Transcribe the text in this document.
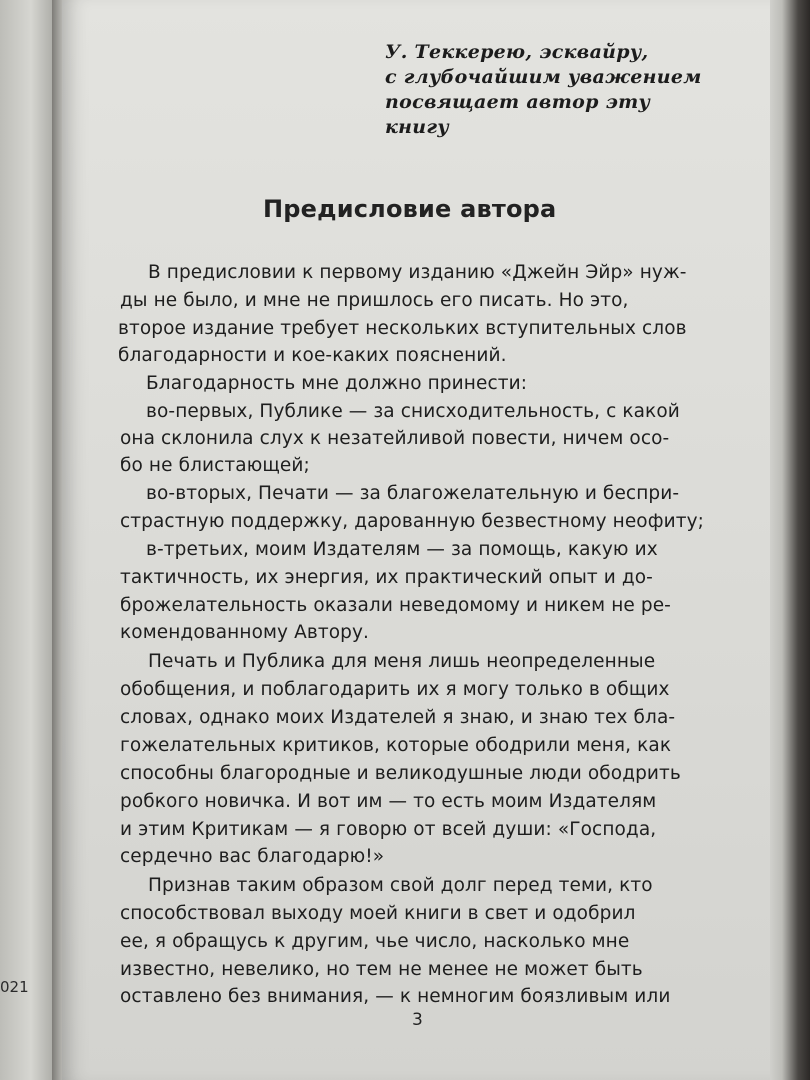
021
У. Теккерею, эсквайру,
с глубочайшим уважением
посвящает автор эту
книгу
Предисловие автора
В предисловии к первому изданию «Джейн Эйр» нуж-
ды не было, и мне не пришлось его писать. Но это,
второе издание требует нескольких вступительных слов
благодарности и кое-каких пояснений.
Благодарность мне должно принести:
во-первых, Публике — за снисходительность, с какой
она склонила слух к незатейливой повести, ничем осо-
бо не блистающей;
во-вторых, Печати — за благожелательную и беспри-
страстную поддержку, дарованную безвестному неофиту;
в-третьих, моим Издателям — за помощь, какую их
тактичность, их энергия, их практический опыт и до-
брожелательность оказали неведомому и никем не ре-
комендованному Автору.
Печать и Публика для меня лишь неопределенные
обобщения, и поблагодарить их я могу только в общих
словах, однако моих Издателей я знаю, и знаю тех бла-
гожелательных критиков, которые ободрили меня, как
способны благородные и великодушные люди ободрить
робкого новичка. И вот им — то есть моим Издателям
и этим Критикам — я говорю от всей души: «Господа,
сердечно вас благодарю!»
Признав таким образом свой долг перед теми, кто
способствовал выходу моей книги в свет и одобрил
ее, я обращусь к другим, чье число, насколько мне
известно, невелико, но тем не менее не может быть
оставлено без внимания, — к немногим боязливым или
3
